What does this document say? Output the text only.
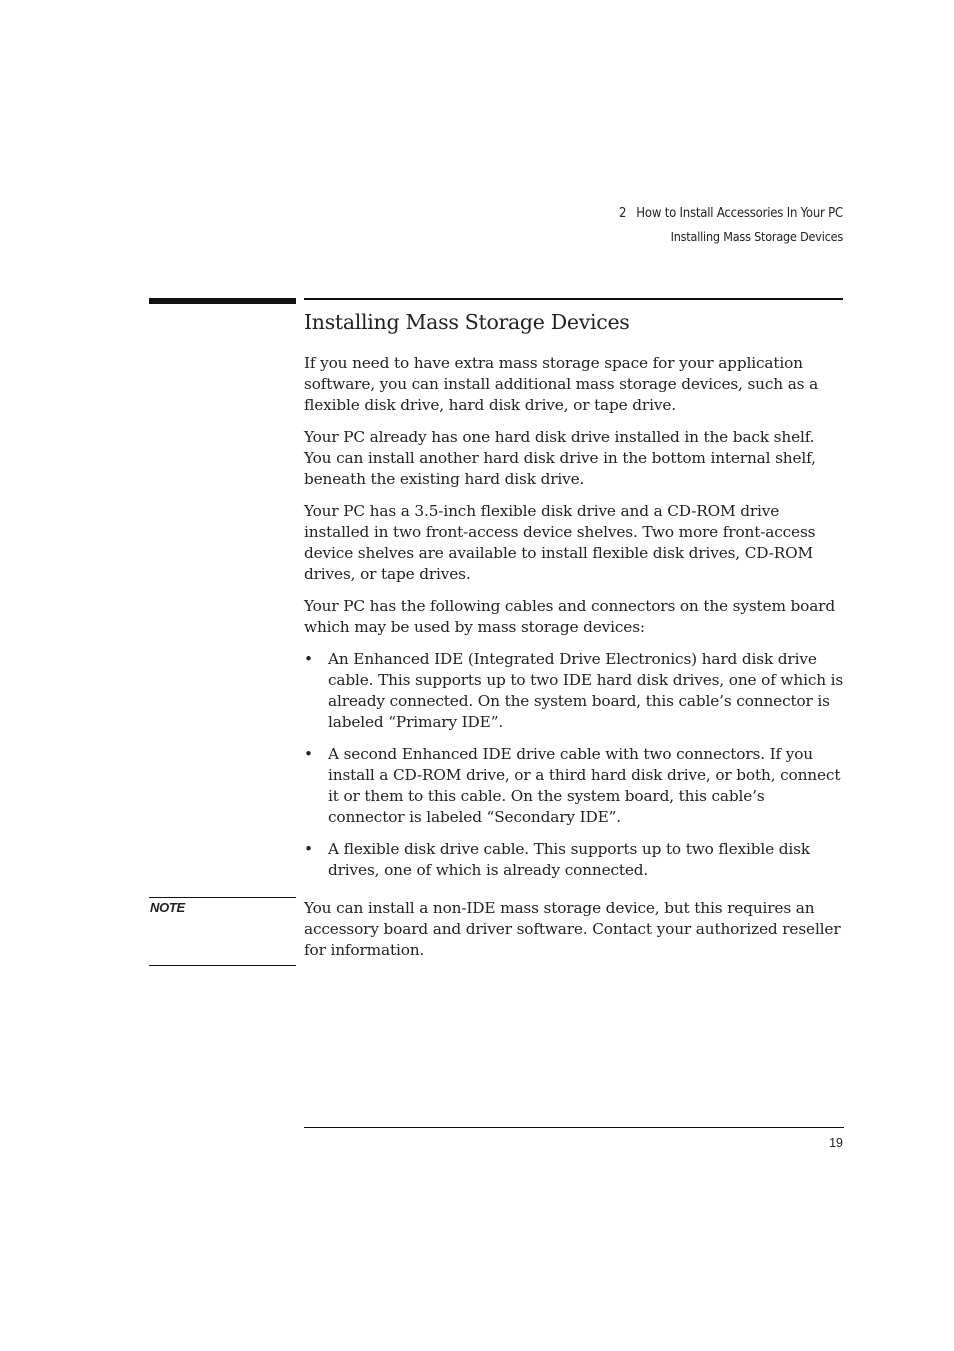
2 How to Install Accessories In Your PC
Installing Mass Storage Devices
Installing Mass Storage Devices

If you need to have extra mass storage space for your application software, you can install additional mass storage devices, such as a flexible disk drive, hard disk drive, or tape drive.

Your PC already has one hard disk drive installed in the back shelf. You can install another hard disk drive in the bottom internal shelf, beneath the existing hard disk drive.

Your PC has a 3.5-inch flexible disk drive and a CD-ROM drive installed in two front-access device shelves. Two more front-access device shelves are available to install flexible disk drives, CD-ROM drives, or tape drives.

Your PC has the following cables and connectors on the system board which may be used by mass storage devices:

• An Enhanced IDE (Integrated Drive Electronics) hard disk drive cable. This supports up to two IDE hard disk drives, one of which is already connected. On the system board, this cable’s connector is labeled “Primary IDE”.
• A second Enhanced IDE drive cable with two connectors. If you install a CD-ROM drive, or a third hard disk drive, or both, connect it or them to this cable. On the system board, this cable’s connector is labeled “Secondary IDE”.
• A flexible disk drive cable. This supports up to two flexible disk drives, one of which is already connected.
NOTE	You can install a non-IDE mass storage device, but this requires an accessory board and driver software. Contact your authorized reseller for information.

19
